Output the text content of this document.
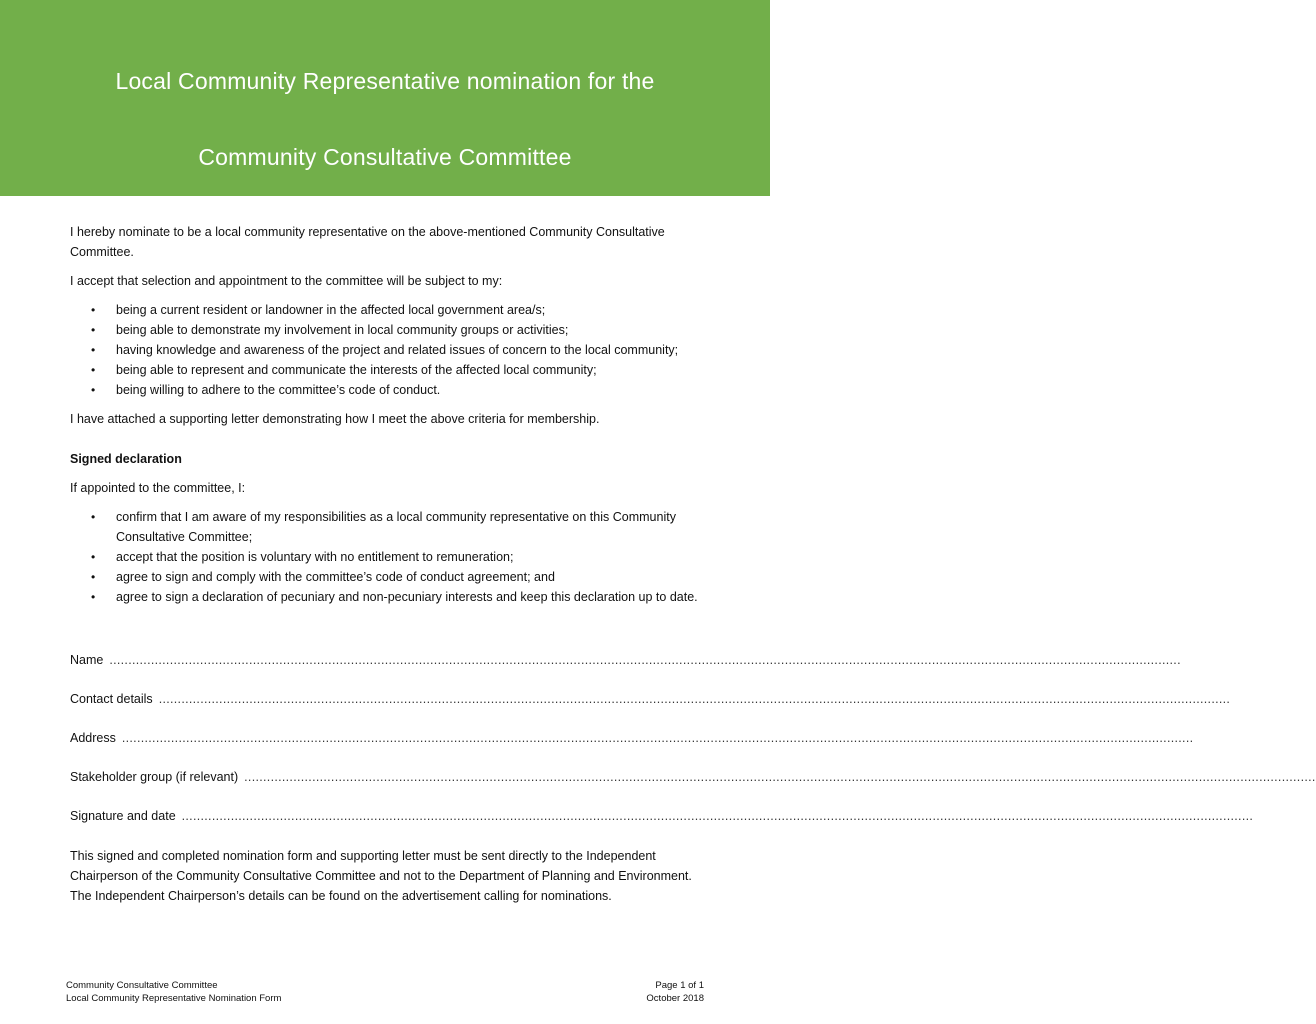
Local Community Representative nomination for the
Community Consultative Committee

I hereby nominate to be a local community representative on the above-mentioned Community Consultative Committee.

I accept that selection and appointment to the committee will be subject to my:

• being a current resident or landowner in the affected local government area/s;
• being able to demonstrate my involvement in local community groups or activities;
• having knowledge and awareness of the project and related issues of concern to the local community;
• being able to represent and communicate the interests of the affected local community;
• being willing to adhere to the committee’s code of conduct.

I have attached a supporting letter demonstrating how I meet the above criteria for membership.

Signed declaration

If appointed to the committee, I:

• confirm that I am aware of my responsibilities as a local community representative on this Community Consultative Committee;
• accept that the position is voluntary with no entitlement to remuneration;
• agree to sign and comply with the committee’s code of conduct agreement; and
• agree to sign a declaration of pecuniary and non-pecuniary interests and keep this declaration up to date.
Name ............................................................................................................................................................................................................................................................................................
Contact details ............................................................................................................................................................................................................................................................................................
Address ............................................................................................................................................................................................................................................................................................
Stakeholder group (if relevant) ............................................................................................................................................................................................................................................................................................
Signature and date ............................................................................................................................................................................................................................................................................................

This signed and completed nomination form and supporting letter must be sent directly to the Independent Chairperson of the Community Consultative Committee and not to the Department of Planning and Environment. The Independent Chairperson’s details can be found on the advertisement calling for nominations.

Community Consultative Committee
Local Community Representative Nomination Form
Page 1 of 1
October 2018
